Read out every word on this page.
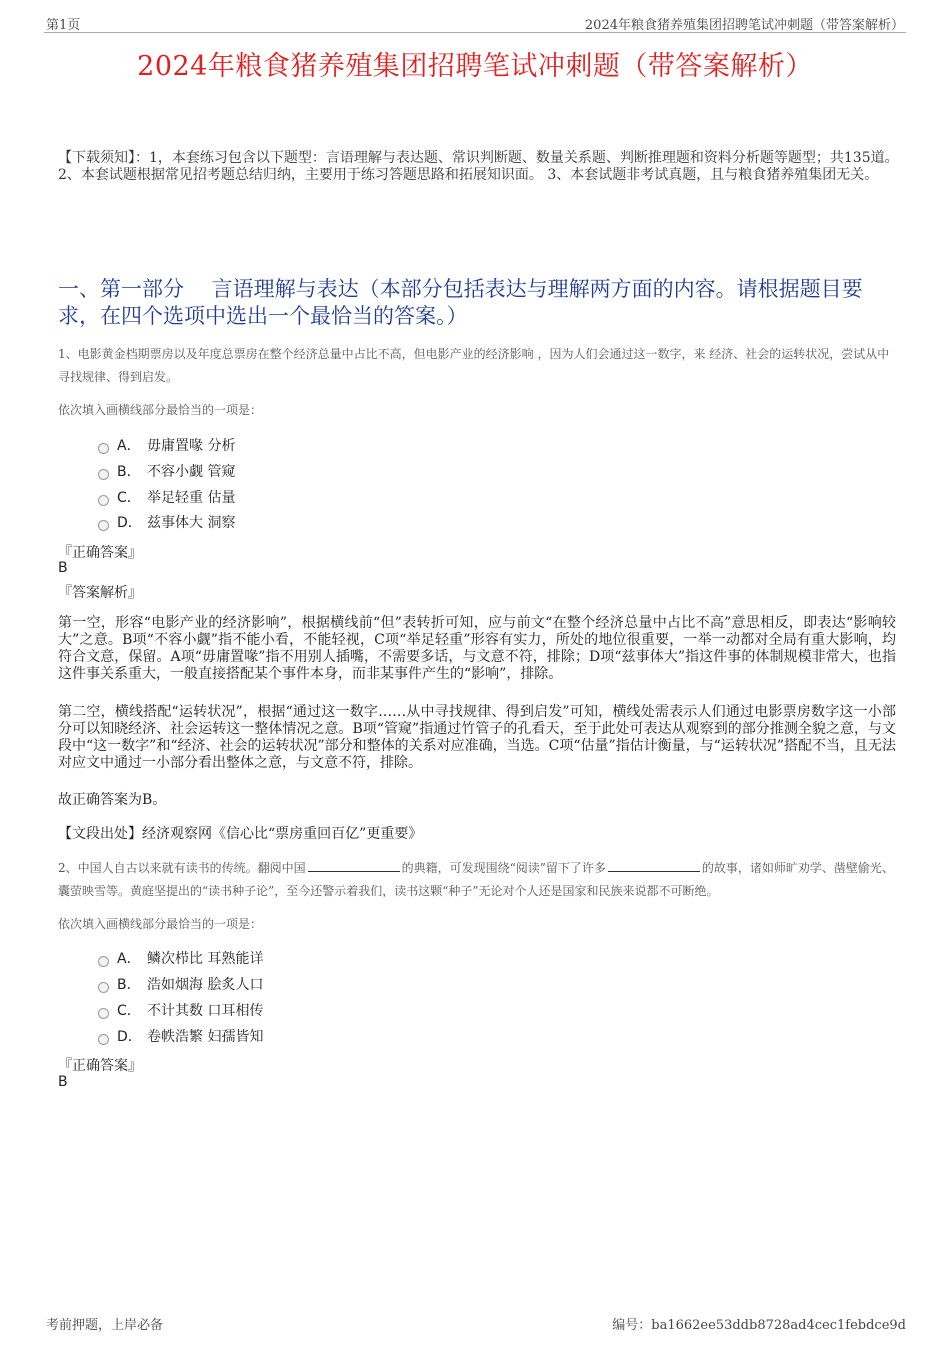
第1页	2024年粮食猪养殖集团招聘笔试冲刺题（带答案解析）
2024年粮食猪养殖集团招聘笔试冲刺题（带答案解析）
【下载须知】：1，本套练习包含以下题型：言语理解与表达题、常识判断题、数量关系题、判断推理题和资料分析题等题型；共135道。 2、本套试题根据常见招考题总结归纳，主要用于练习答题思路和拓展知识面。 3、本套试题非考试真题，且与粮食猪养殖集团无关。
一、第一部分　 言语理解与表达（本部分包括表达与理解两方面的内容。请根据题目要求，在四个选项中选出一个最恰当的答案。）
1、电影黄金档期票房以及年度总票房在整个经济总量中占比不高，但电影产业的经济影响 ，因为人们会通过这一数字，来 经济、社会的运转状况，尝试从中寻找规律、得到启发。
依次填入画横线部分最恰当的一项是：
A． 毋庸置喙 分析
B． 不容小觑 管窥
C． 举足轻重 估量
D． 兹事体大 洞察
『正确答案』
B
『答案解析』
第一空，形容“电影产业的经济影响”，根据横线前“但”表转折可知，应与前文“在整个经济总量中占比不高”意思相反，即表达“影响较大”之意。B项“不容小觑”指不能小看，不能轻视，C项“举足轻重”形容有实力，所处的地位很重要，一举一动都对全局有重大影响，均符合文意，保留。A项“毋庸置喙”指不用别人插嘴，不需要多话，与文意不符，排除；D项“兹事体大”指这件事的体制规模非常大，也指这件事关系重大，一般直接搭配某个事件本身，而非某事件产生的“影响”，排除。
第二空，横线搭配“运转状况”，根据“通过这一数字……从中寻找规律、得到启发”可知，横线处需表示人们通过电影票房数字这一小部分可以知晓经济、社会运转这一整体情况之意。B项“管窥”指通过竹管子的孔看天，至于此处可表达从观察到的部分推测全貌之意，与文段中“这一数字”和“经济、社会的运转状况”部分和整体的关系对应准确，当选。C项“估量”指估计衡量，与“运转状况”搭配不当，且无法对应文中通过一小部分看出整体之意，与文意不符，排除。
故正确答案为B。
【文段出处】经济观察网《信心比“票房重回百亿”更重要》
2、中国人自古以来就有读书的传统。翻阅中国	的典籍，可发现围绕“阅读”留下了许多	的故事，诸如师旷劝学、凿壁偷光、囊萤映雪等。黄庭坚提出的“读书种子论”，至今还警示着我们，读书这颗“种子”无论对个人还是国家和民族来说都不可断绝。
依次填入画横线部分最恰当的一项是：
A． 鳞次栉比 耳熟能详
B． 浩如烟海 脍炙人口
C． 不计其数 口耳相传
D． 卷帙浩繁 妇孺皆知
『正确答案』
B
考前押题，上岸必备	编号：ba1662ee53ddb8728ad4cec1febdce9d
